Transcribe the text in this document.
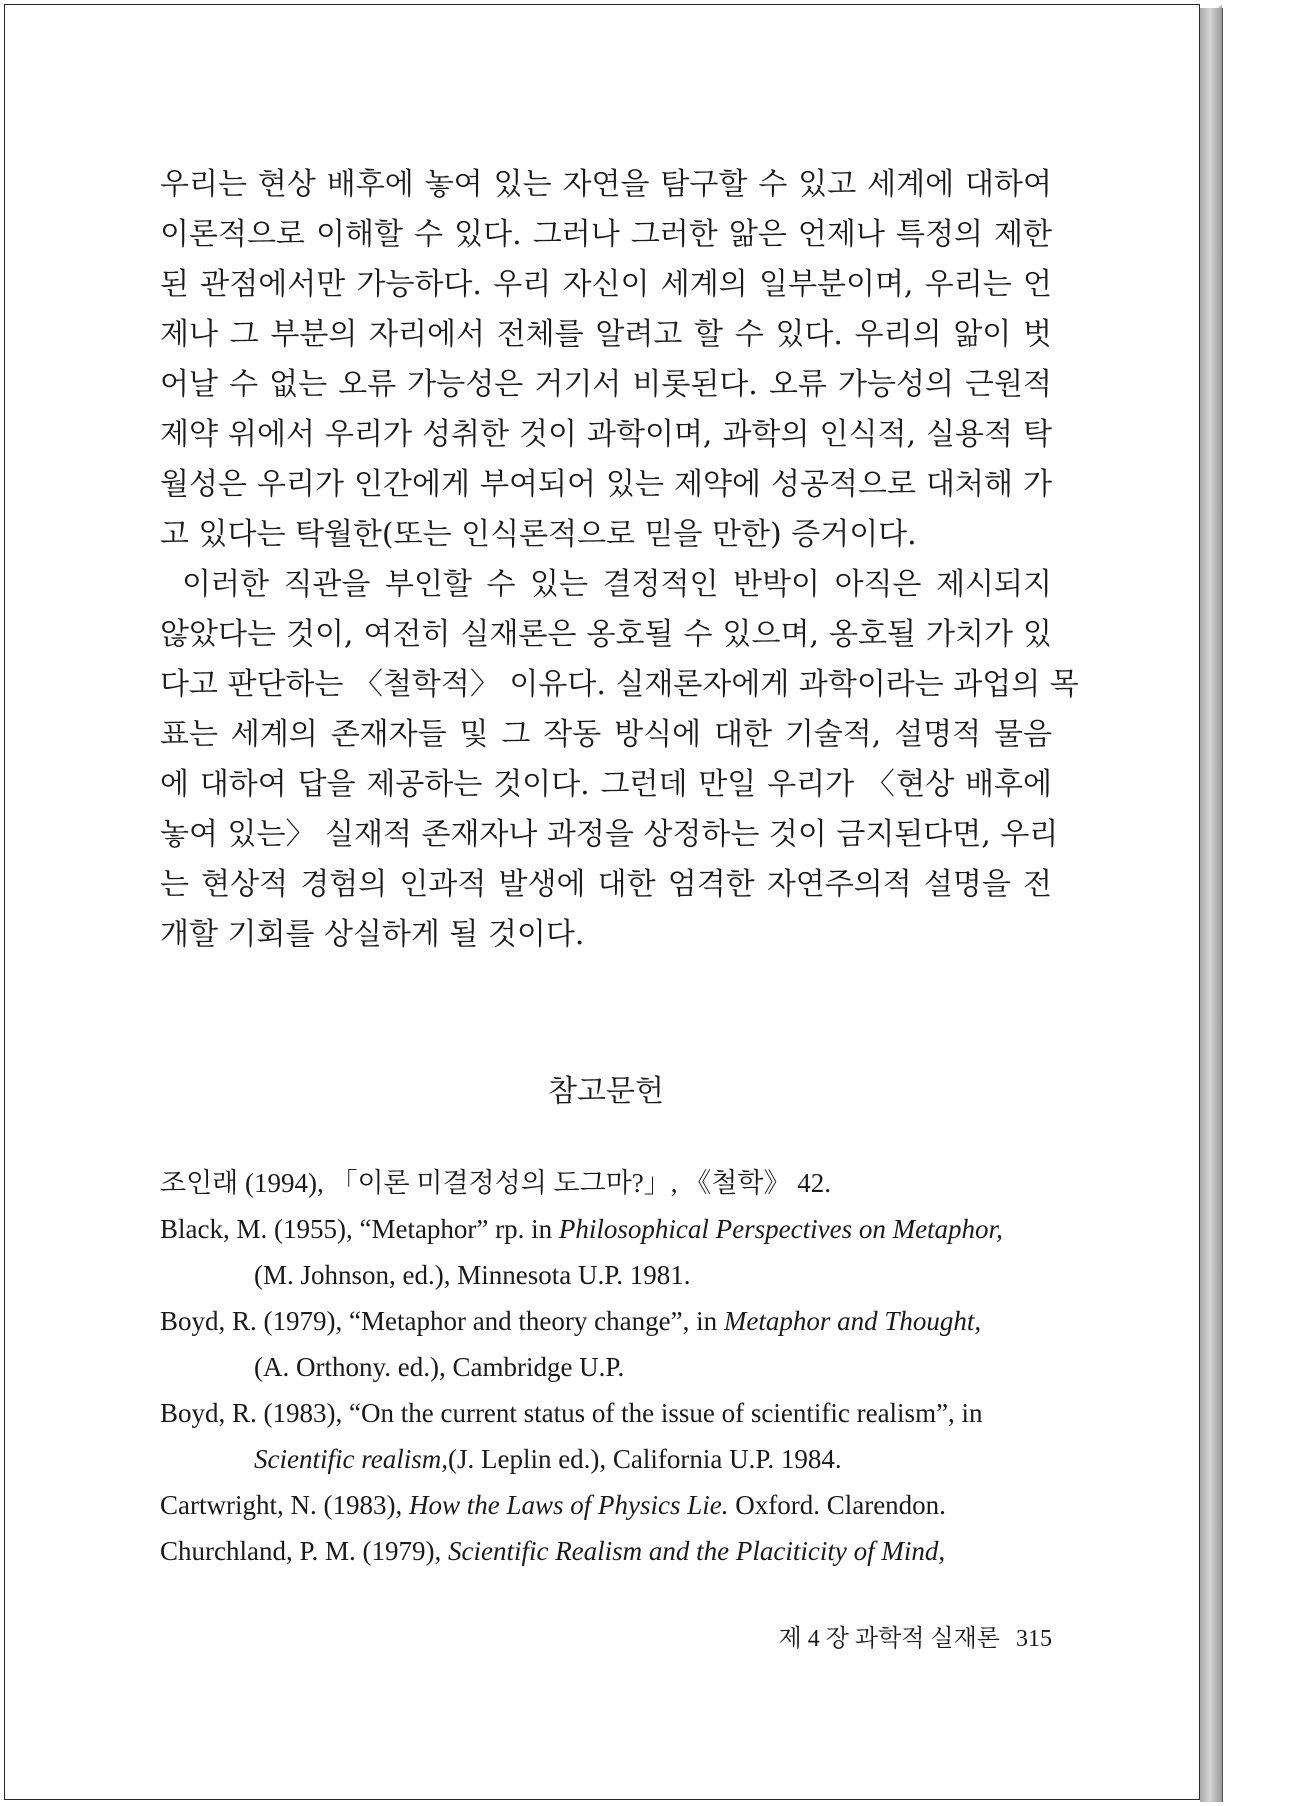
우리는 현상 배후에 놓여 있는 자연을 탐구할 수 있고 세계에 대하여
이론적으로 이해할 수 있다. 그러나 그러한 앎은 언제나 특정의 제한
된 관점에서만 가능하다. 우리 자신이 세계의 일부분이며, 우리는 언
제나 그 부분의 자리에서 전체를 알려고 할 수 있다. 우리의 앎이 벗
어날 수 없는 오류 가능성은 거기서 비롯된다. 오류 가능성의 근원적
제약 위에서 우리가 성취한 것이 과학이며, 과학의 인식적, 실용적 탁
월성은 우리가 인간에게 부여되어 있는 제약에 성공적으로 대처해 가
고 있다는 탁월한(또는 인식론적으로 믿을 만한) 증거이다.
이러한 직관을 부인할 수 있는 결정적인 반박이 아직은 제시되지
않았다는 것이, 여전히 실재론은 옹호될 수 있으며, 옹호될 가치가 있
다고 판단하는 〈철학적〉 이유다. 실재론자에게 과학이라는 과업의 목
표는 세계의 존재자들 및 그 작동 방식에 대한 기술적, 설명적 물음
에 대하여 답을 제공하는 것이다. 그런데 만일 우리가 〈현상 배후에
놓여 있는〉 실재적 존재자나 과정을 상정하는 것이 금지된다면, 우리
는 현상적 경험의 인과적 발생에 대한 엄격한 자연주의적 설명을 전
개할 기회를 상실하게 될 것이다.
참고문헌
조인래 (1994), 「이론 미결정성의 도그마?」, 《철학》 42.
Black, M. (1955), “Metaphor” rp. in Philosophical Perspectives on Metaphor,
(M. Johnson, ed.), Minnesota U.P. 1981.
Boyd, R. (1979), “Metaphor and theory change”, in Metaphor and Thought,
(A. Orthony. ed.), Cambridge U.P.
Boyd, R. (1983), “On the current status of the issue of scientific realism”, in
Scientific realism,(J. Leplin ed.), California U.P. 1984.
Cartwright, N. (1983), How the Laws of Physics Lie. Oxford. Clarendon.
Churchland, P. M. (1979), Scientific Realism and the Placiticity of Mind,
제 4 장 과학적 실재론 315
